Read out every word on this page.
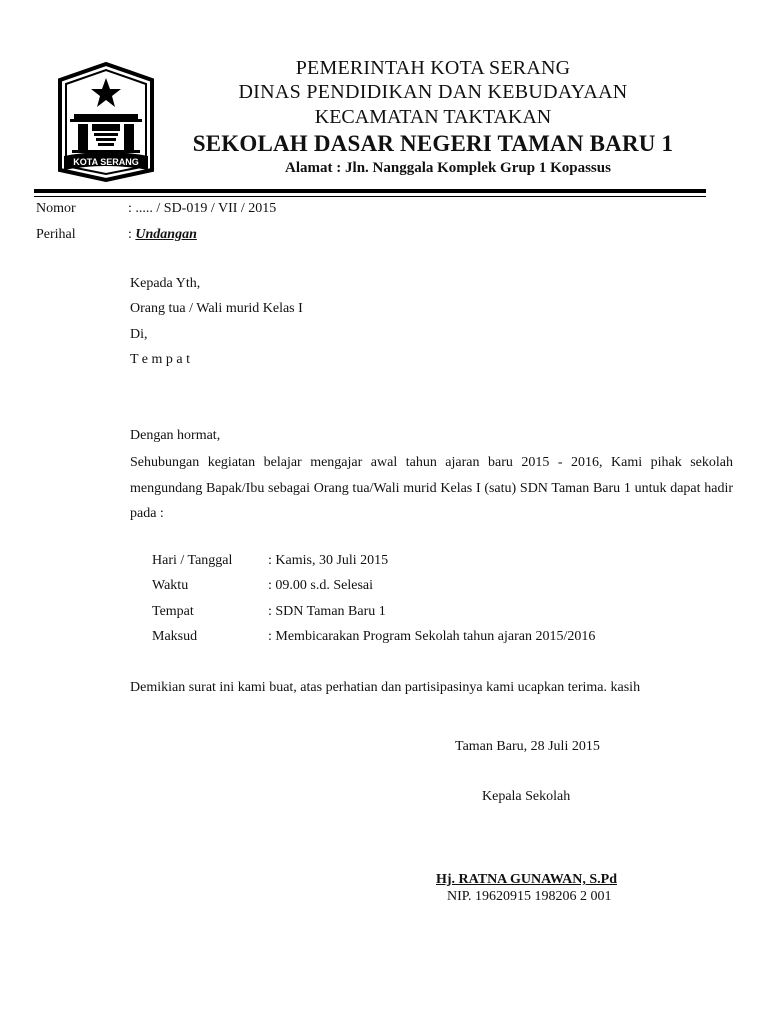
KOTA SERANG
PEMERINTAH KOTA SERANG
DINAS PENDIDIKAN DAN KEBUDAYAAN
KECAMATAN TAKTAKAN
SEKOLAH DASAR NEGERI TAMAN BARU 1
Alamat : Jln. Nanggala Komplek Grup 1 Kopassus
Nomor	: ..... / SD-019 / VII / 2015
Perihal	: Undangan
Kepada Yth,
Orang tua / Wali murid Kelas I
Di,
T e m p a t
Dengan hormat,
Sehubungan kegiatan belajar mengajar awal tahun ajaran baru 2015 - 2016, Kami pihak sekolah mengundang Bapak/Ibu sebagai Orang tua/Wali murid Kelas I (satu) SDN Taman Baru 1 untuk dapat hadir pada :
Hari / Tanggal	: Kamis, 30 Juli 2015
Waktu	: 09.00 s.d. Selesai
Tempat	: SDN Taman Baru 1
Maksud	: Membicarakan Program Sekolah tahun ajaran 2015/2016
Demikian surat ini kami buat, atas perhatian dan partisipasinya kami ucapkan terima. kasih
Taman Baru, 28 Juli 2015
Kepala Sekolah
Hj. RATNA GUNAWAN, S.Pd
NIP. 19620915 198206 2 001
